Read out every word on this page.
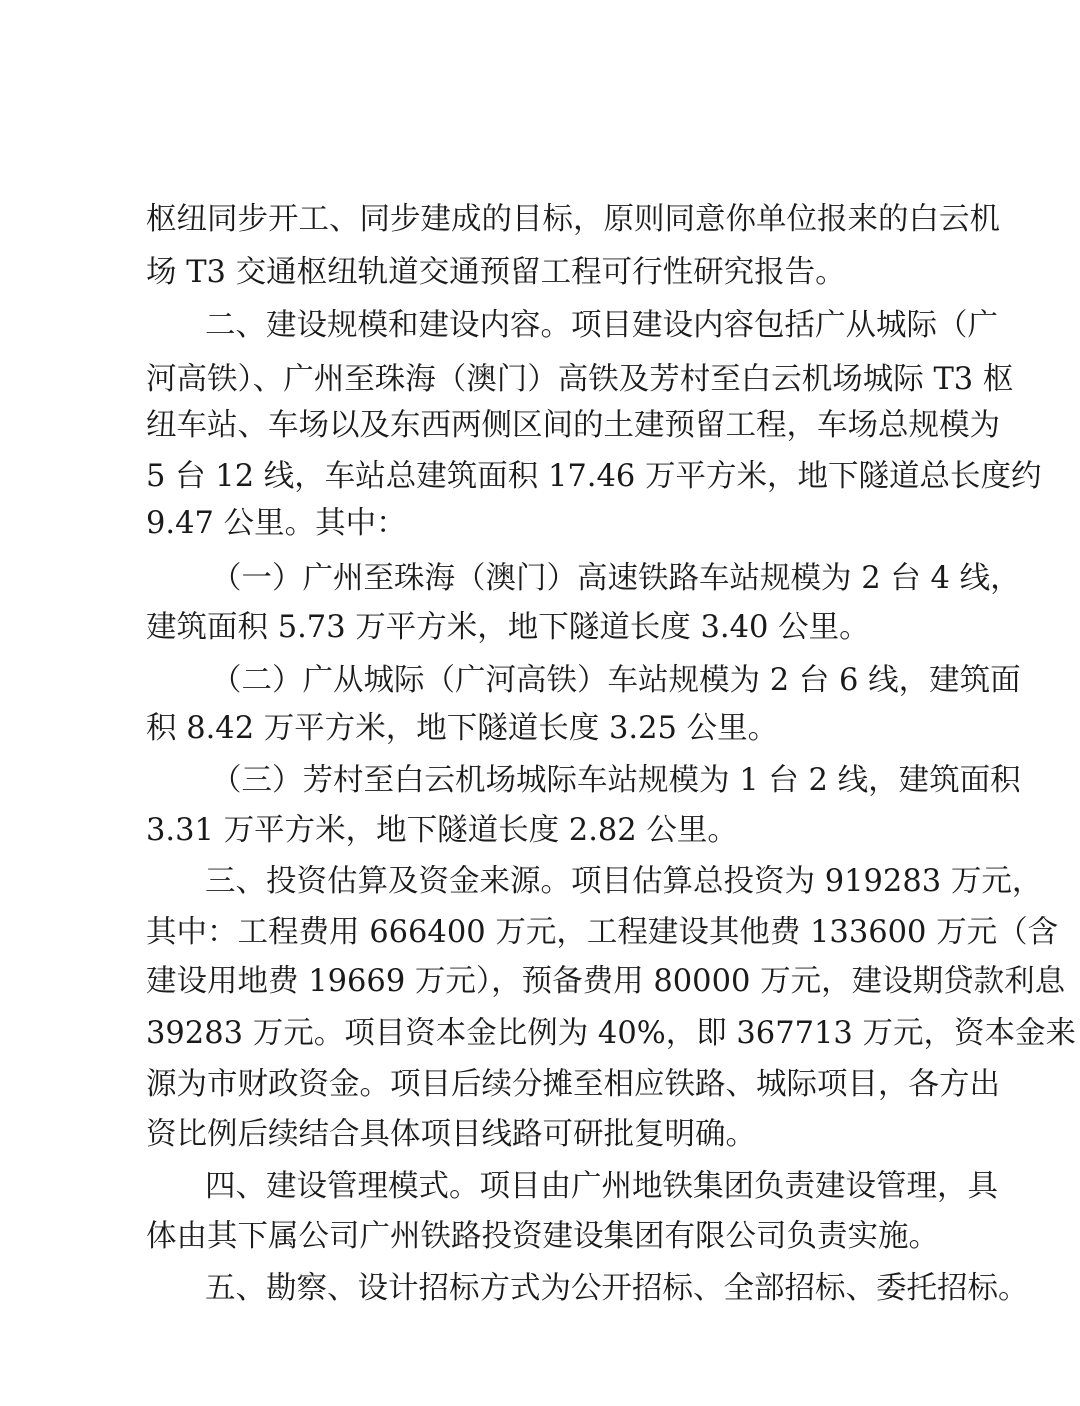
枢纽同步开工、同步建成的目标，原则同意你单位报来的白云机
场 T3 交通枢纽轨道交通预留工程可行性研究报告。
二、建设规模和建设内容。项目建设内容包括广从城际（广
河高铁）、广州至珠海（澳门）高铁及芳村至白云机场城际 T3 枢
纽车站、车场以及东西两侧区间的土建预留工程，车场总规模为
5 台 12 线，车站总建筑面积 17.46 万平方米，地下隧道总长度约
9.47 公里。其中：
（一）广州至珠海（澳门）高速铁路车站规模为 2 台 4 线，
建筑面积 5.73 万平方米，地下隧道长度 3.40 公里。
（二）广从城际（广河高铁）车站规模为 2 台 6 线，建筑面
积 8.42 万平方米，地下隧道长度 3.25 公里。
（三）芳村至白云机场城际车站规模为 1 台 2 线，建筑面积
3.31 万平方米，地下隧道长度 2.82 公里。
三、投资估算及资金来源。项目估算总投资为 919283 万元，
其中：工程费用 666400 万元，工程建设其他费 133600 万元（含
建设用地费 19669 万元），预备费用 80000 万元，建设期贷款利息
39283 万元。项目资本金比例为 40%，即 367713 万元，资本金来
源为市财政资金。项目后续分摊至相应铁路、城际项目，各方出
资比例后续结合具体项目线路可研批复明确。
四、建设管理模式。项目由广州地铁集团负责建设管理，具
体由其下属公司广州铁路投资建设集团有限公司负责实施。
五、勘察、设计招标方式为公开招标、全部招标、委托招标。
